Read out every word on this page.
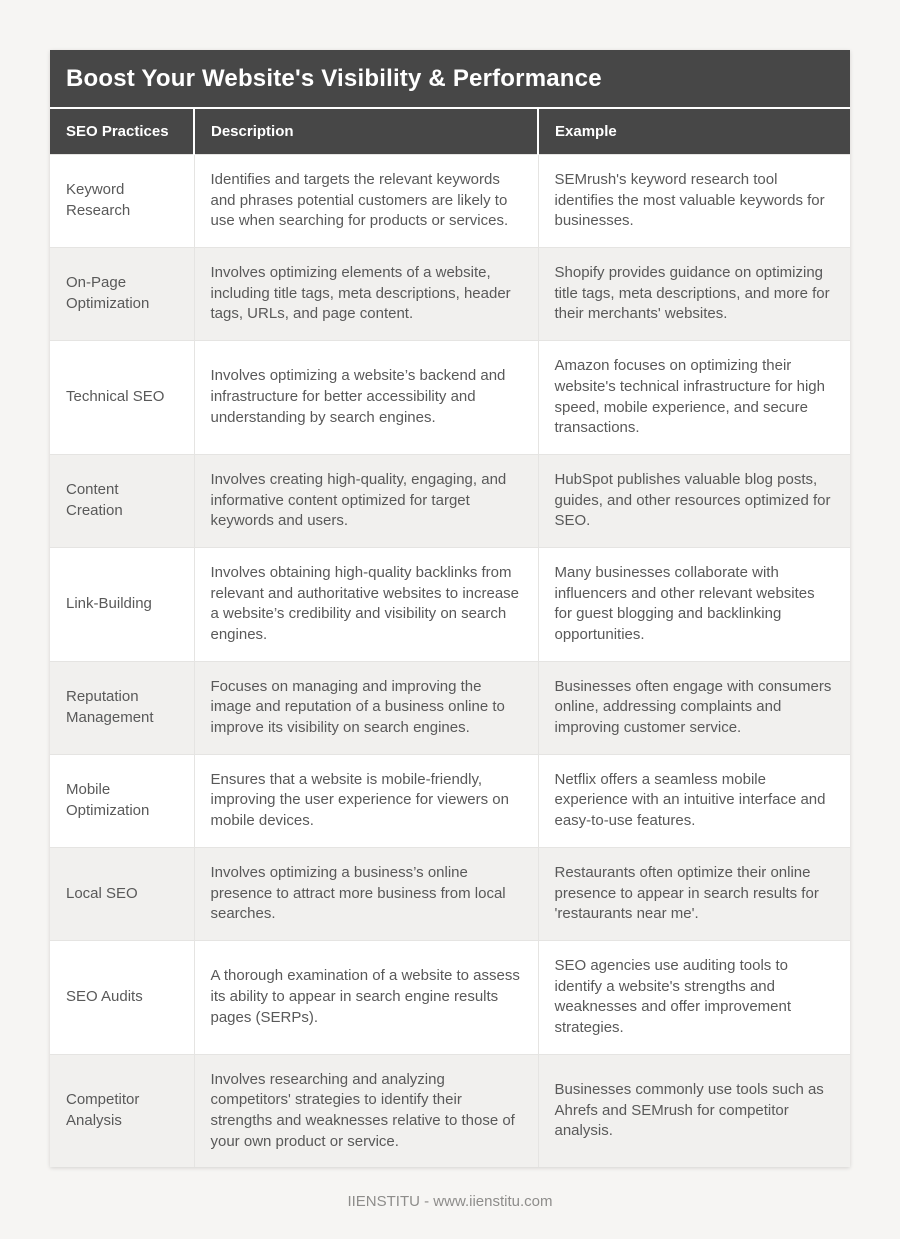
Boost Your Website's Visibility & Performance
SEO Practices	Description	Example
Keyword Research	Identifies and targets the relevant keywords and phrases potential customers are likely to use when searching for products or services.	SEMrush's keyword research tool identifies the most valuable keywords for businesses.
On-Page Optimization	Involves optimizing elements of a website, including title tags, meta descriptions, header tags, URLs, and page content.	Shopify provides guidance on optimizing title tags, meta descriptions, and more for their merchants' websites.
Technical SEO	Involves optimizing a website’s backend and infrastructure for better accessibility and understanding by search engines.	Amazon focuses on optimizing their website's technical infrastructure for high speed, mobile experience, and secure transactions.
Content Creation	Involves creating high-quality, engaging, and informative content optimized for target keywords and users.	HubSpot publishes valuable blog posts, guides, and other resources optimized for SEO.
Link-Building	Involves obtaining high-quality backlinks from relevant and authoritative websites to increase a website’s credibility and visibility on search engines.	Many businesses collaborate with influencers and other relevant websites for guest blogging and backlinking opportunities.
Reputation Management	Focuses on managing and improving the image and reputation of a business online to improve its visibility on search engines.	Businesses often engage with consumers online, addressing complaints and improving customer service.
Mobile Optimization	Ensures that a website is mobile-friendly, improving the user experience for viewers on mobile devices.	Netflix offers a seamless mobile experience with an intuitive interface and easy-to-use features.
Local SEO	Involves optimizing a business’s online presence to attract more business from local searches.	Restaurants often optimize their online presence to appear in search results for 'restaurants near me'.
SEO Audits	A thorough examination of a website to assess its ability to appear in search engine results pages (SERPs).	SEO agencies use auditing tools to identify a website's strengths and weaknesses and offer improvement strategies.
Competitor Analysis	Involves researching and analyzing competitors' strategies to identify their strengths and weaknesses relative to those of your own product or service.	Businesses commonly use tools such as Ahrefs and SEMrush for competitor analysis.
IIENSTITU - www.iienstitu.com
